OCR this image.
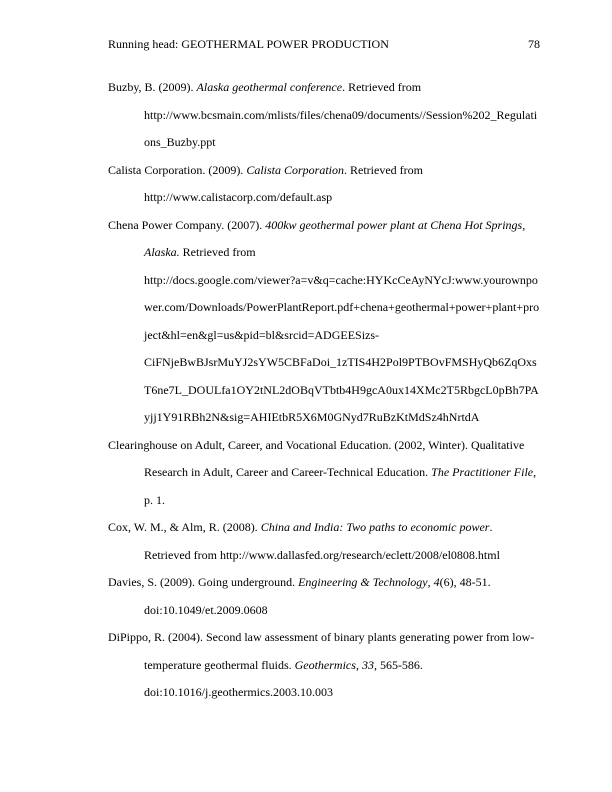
Running head: GEOTHERMAL POWER PRODUCTION	78
Buzby, B. (2009). Alaska geothermal conference. Retrieved from
http://www.bcsmain.com/mlists/files/chena09/documents//Session%202_Regulati
ons_Buzby.ppt
Calista Corporation. (2009). Calista Corporation. Retrieved from
http://www.calistacorp.com/default.asp
Chena Power Company. (2007). 400kw geothermal power plant at Chena Hot Springs,
Alaska. Retrieved from
http://docs.google.com/viewer?a=v&q=cache:HYKcCeAyNYcJ:www.yourownpo
wer.com/Downloads/PowerPlantReport.pdf+chena+geothermal+power+plant+pro
ject&hl=en&gl=us&pid=bl&srcid=ADGEESizs-
CiFNjeBwBJsrMuYJ2sYW5CBFaDoi_1zTIS4H2Pol9PTBOvFMSHyQb6ZqOxs
T6ne7L_DOULfa1OY2tNL2dOBqVTbtb4H9gcA0ux14XMc2T5RbgcL0pBh7PA
yjj1Y91RBh2N&sig=AHIEtbR5X6M0GNyd7RuBzKtMdSz4hNrtdA
Clearinghouse on Adult, Career, and Vocational Education. (2002, Winter). Qualitative
Research in Adult, Career and Career-Technical Education. The Practitioner File,
p. 1.
Cox, W. M., & Alm, R. (2008). China and India: Two paths to economic power.
Retrieved from http://www.dallasfed.org/research/eclett/2008/el0808.html
Davies, S. (2009). Going underground. Engineering & Technology, 4(6), 48-51.
doi:10.1049/et.2009.0608
DiPippo, R. (2004). Second law assessment of binary plants generating power from low-
temperature geothermal fluids. Geothermics, 33, 565-586.
doi:10.1016/j.geothermics.2003.10.003
